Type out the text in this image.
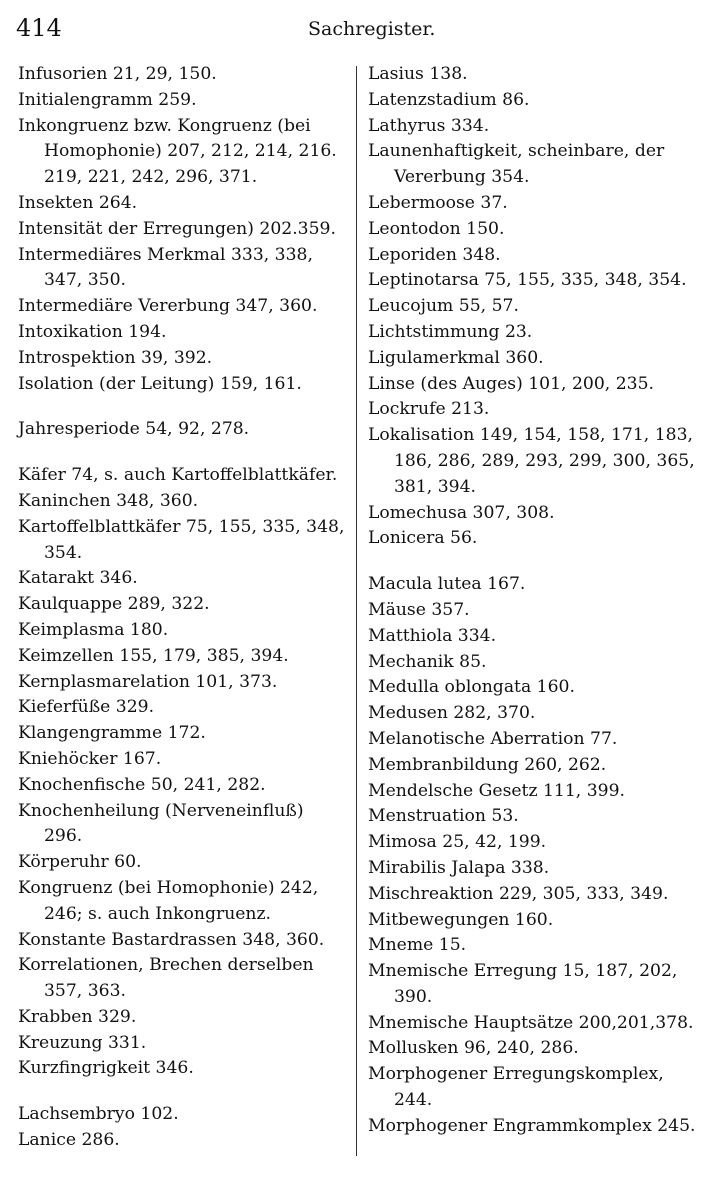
414	Sachregister.

Infusorien 21, 29, 150.

Initialengramm 259.

Inkongruenz bzw. Kongruenz (bei Homophonie) 207, 212, 214, 216. 219, 221, 242, 296, 371.

Insekten 264.

Intensität der Erregungen) 202.359.

Intermediäres Merkmal 333, 338, 347, 350.

Intermediäre Vererbung 347, 360.

Intoxikation 194.

Introspektion 39, 392.

Isolation (der Leitung) 159, 161.

Jahresperiode 54, 92, 278.

Käfer 74, s. auch Kartoffelblattkäfer.

Kaninchen 348, 360.

Kartoffelblattkäfer 75, 155, 335, 348, 354.

Katarakt 346.

Kaulquappe 289, 322.

Keimplasma 180.

Keimzellen 155, 179, 385, 394.

Kernplasmarelation 101, 373.

Kieferfüße 329.

Klangengramme 172.

Kniehöcker 167.

Knochenfische 50, 241, 282.

Knochenheilung (Nerveneinfluß) 296.

Körperuhr 60.

Kongruenz (bei Homophonie) 242, 246; s. auch Inkongruenz.

Konstante Bastardrassen 348, 360.

Korrelationen, Brechen derselben 357, 363.

Krabben 329.

Kreuzung 331.

Kurzfingrigkeit 346.

Lachsembryo 102.

Lanice 286.

Lasius 138.

Latenzstadium 86.

Lathyrus 334.

Launenhaftigkeit, scheinbare, der Vererbung 354.

Lebermoose 37.

Leontodon 150.

Leporiden 348.

Leptinotarsa 75, 155, 335, 348, 354.

Leucojum 55, 57.

Lichtstimmung 23.

Ligulamerkmal 360.

Linse (des Auges) 101, 200, 235.

Lockrufe 213.

Lokalisation 149, 154, 158, 171, 183, 186, 286, 289, 293, 299, 300, 365, 381, 394.

Lomechusa 307, 308.

Lonicera 56.

Macula lutea 167.

Mäuse 357.

Matthiola 334.

Mechanik 85.

Medulla oblongata 160.

Medusen 282, 370.

Melanotische Aberration 77.

Membranbildung 260, 262.

Mendelsche Gesetz 111, 399.

Menstruation 53.

Mimosa 25, 42, 199.

Mirabilis Jalapa 338.

Mischreaktion 229, 305, 333, 349.

Mitbewegungen 160.

Mneme 15.

Mnemische Erregung 15, 187, 202, 390.

Mnemische Hauptsätze 200,201,378.

Mollusken 96, 240, 286.

Morphogener Erregungskomplex, 244.

Morphogener Engrammkomplex 245.
